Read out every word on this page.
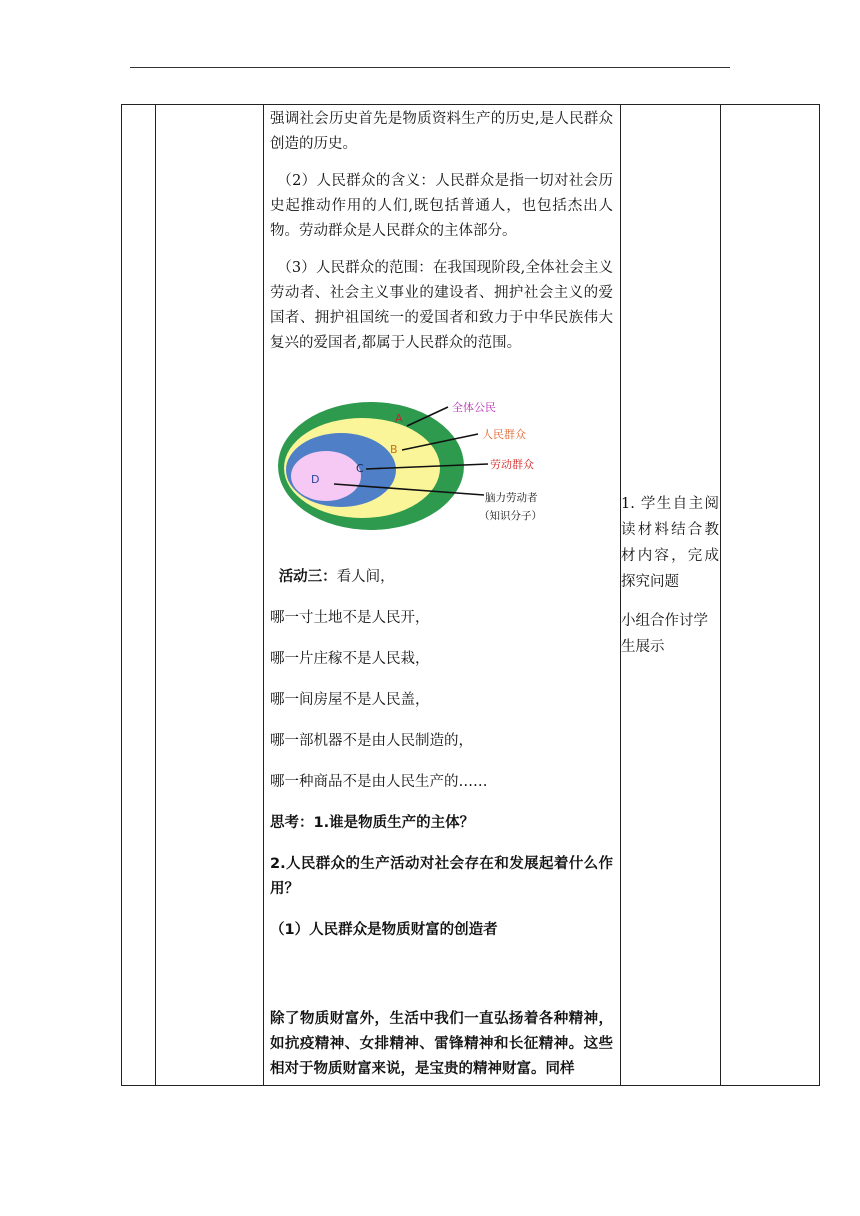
强调社会历史首先是物质资料生产的历史,是人民群众创造的历史。

（2）人民群众的含义：人民群众是指一切对社会历史起推动作用的人们,既包括普通人，也包括杰出人物。劳动群众是人民群众的主体部分。

（3）人民群众的范围：在我国现阶段,全体社会主义劳动者、社会主义事业的建设者、拥护社会主义的爱国者、拥护祖国统一的爱国者和致力于中华民族伟大复兴的爱国者,都属于人民群众的范围。

A
B
C
D
全体公民
人民群众
劳动群众
脑力劳动者
（知识分子）

活动三：看人间，

哪一寸土地不是人民开，

哪一片庄稼不是人民栽，

哪一间房屋不是人民盖，

哪一部机器不是由人民制造的，

哪一种商品不是由人民生产的……

思考：1.谁是物质生产的主体？

2.人民群众的生产活动对社会存在和发展起着什么作用？

（1）人民群众是物质财富的创造者

除了物质财富外，生活中我们一直弘扬着各种精神，如抗疫精神、女排精神、雷锋精神和长征精神。这些相对于物质财富来说，是宝贵的精神财富。同样

1. 学生自主阅读材料结合教材内容，完成探究问题
小组合作讨学生展示
